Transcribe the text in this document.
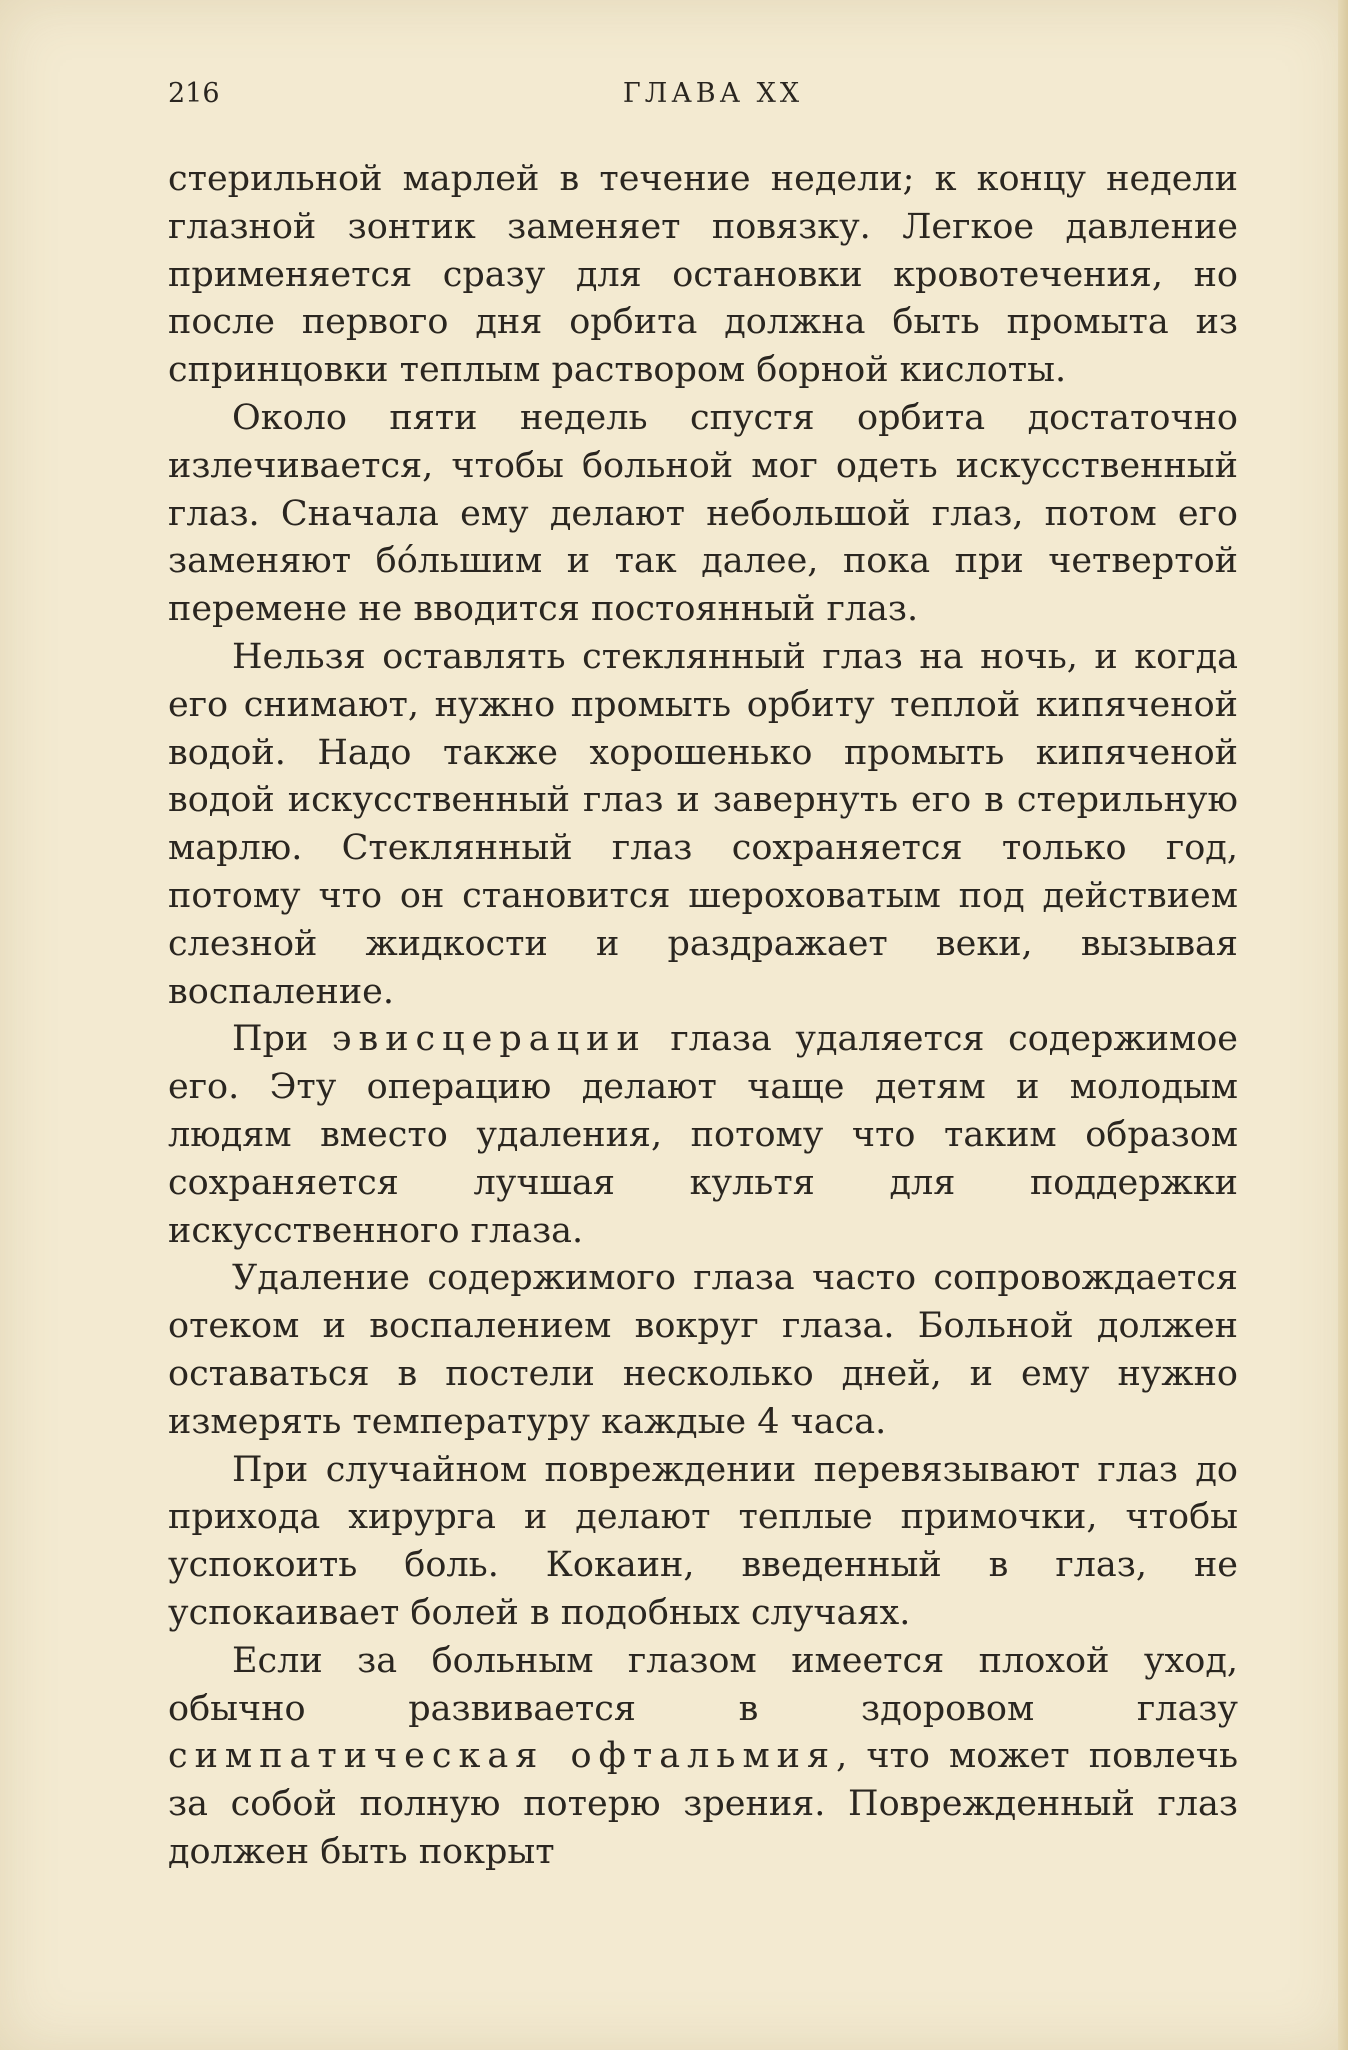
216	ГЛАВА XX

стерильной марлей в течение недели; к концу недели глазной зонтик заменяет повязку. Легкое давление применяется сразу для остановки кровотечения, но после первого дня орбита должна быть промыта из спринцовки теплым раствором борной кислоты.

Около пяти недель спустя орбита достаточно излечивается, чтобы больной мог одеть искусственный глаз. Сначала ему делают небольшой глаз, потом его заменяют бо́льшим и так далее, пока при четвертой перемене не вводится постоянный глаз.

Нельзя оставлять стеклянный глаз на ночь, и когда его снимают, нужно промыть орбиту теплой кипяченой водой. Надо также хорошенько промыть кипяченой водой искусственный глаз и завернуть его в стерильную марлю. Стеклянный глаз сохраняется только год, потому что он становится шероховатым под действием слезной жидкости и раздражает веки, вызывая воспаление.

При эвисцерации глаза удаляется содержимое его. Эту операцию делают чаще детям и молодым людям вместо удаления, потому что таким образом сохраняется лучшая культя для поддержки искусственного глаза.

Удаление содержимого глаза часто сопровождается отеком и воспалением вокруг глаза. Больной должен оставаться в постели несколько дней, и ему нужно измерять температуру каждые 4 часа.

При случайном повреждении перевязывают глаз до прихода хирурга и делают теплые примочки, чтобы успокоить боль. Кокаин, введенный в глаз, не успокаивает болей в подобных случаях.

Если за больным глазом имеется плохой уход, обычно развивается в здоровом глазу симпатическая офтальмия, что может повлечь за собой полную потерю зрения. Поврежденный глаз должен быть покрыт
